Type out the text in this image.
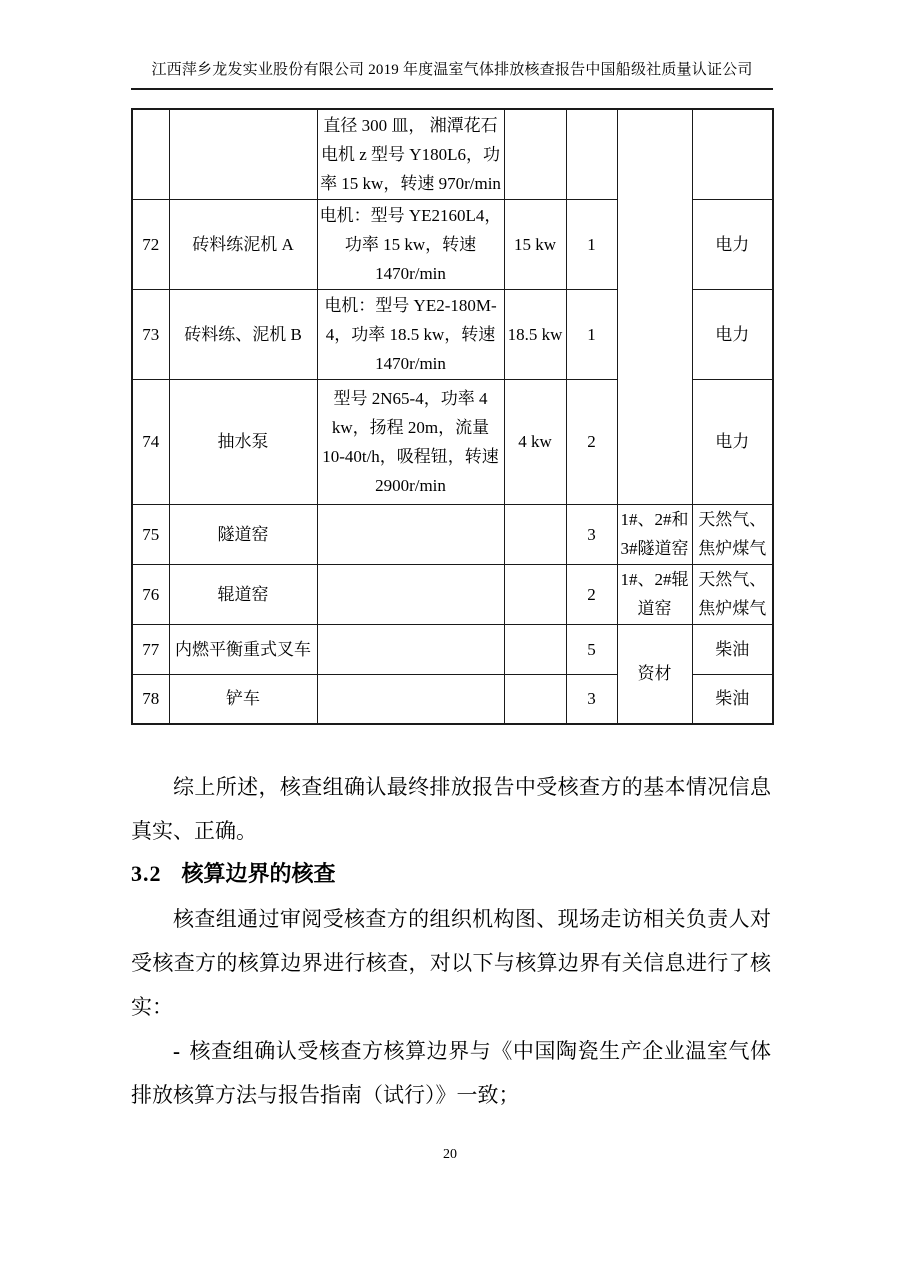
江西萍乡龙发实业股份有限公司 2019 年度温室气体排放核查报告中国船级社质量认证公司
		直径 300 皿， 湘潭花石电机 z 型号 Y180L6，功率 15 kw，转速 970r/min				
72	砖料练泥机 A	电机：型号 YE2160L4，功率 15 kw，转速 1470r/min	15 kw	1		电力
73	砖料练、泥机 B	电机：型号 YE2-180M-4，功率 18.5 kw，转速 1470r/min	18.5 kw	1		电力
74	抽水泵	型号 2N65-4，功率 4 kw，扬程 20m，流量 10-40t/h，吸程钮，转速 2900r/min	4 kw	2		电力
75	隧道窑			3	1#、2#和3#隧道窑	天然气、焦炉煤气
76	辊道窑			2	1#、2#辊道窑	天然气、焦炉煤气
77	内燃平衡重式叉车			5	资材	柴油
78	铲车			3		柴油

综上所述，核查组确认最终排放报告中受核查方的基本情况信息真实、正确。

3.2 核算边界的核查

核查组通过审阅受核查方的组织机构图、现场走访相关负责人对受核查方的核算边界进行核查，对以下与核算边界有关信息进行了核实：

- 核查组确认受核查方核算边界与《中国陶瓷生产企业温室气体排放核算方法与报告指南（试行）》一致；

20
